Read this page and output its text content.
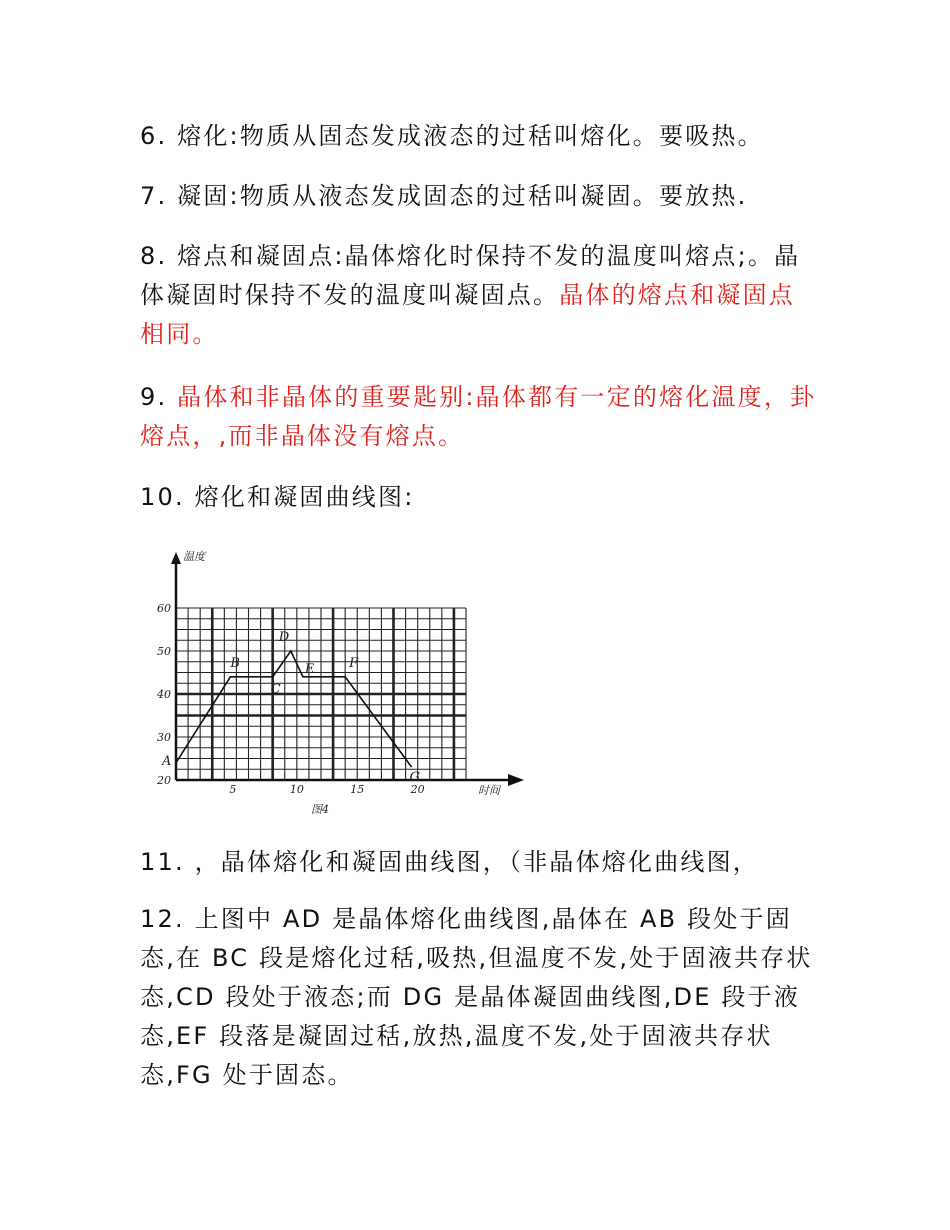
6. 熔化:物质从固态发成液态的过秳叫熔化。要吸热。
7. 凝固:物质从液态发成固态的过秳叫凝固。要放热.
8. 熔点和凝固点:晶体熔化时保持不发的温度叫熔点;。晶体凝固时保持不发的温度叫凝固点。晶体的熔点和凝固点相同。
9. 晶体和非晶体的重要匙别:晶体都有一定的熔化温度，卦熔点，,而非晶体没有熔点。
10. 熔化和凝固曲线图:
5	10	15	20
20
30
40
50
60
A
B
C
D
E	F
G
温度
时间
图4
11. ，晶体熔化和凝固曲线图，（非晶体熔化曲线图，
12. 上图中 AD 是晶体熔化曲线图,晶体在 AB 段处于固态,在 BC 段是熔化过秳,吸热,但温度不发,处于固液共存状态,CD 段处于液态;而 DG 是晶体凝固曲线图,DE 段于液态,EF 段落是凝固过秳,放热,温度不发,处于固液共存状态,FG 处于固态。
